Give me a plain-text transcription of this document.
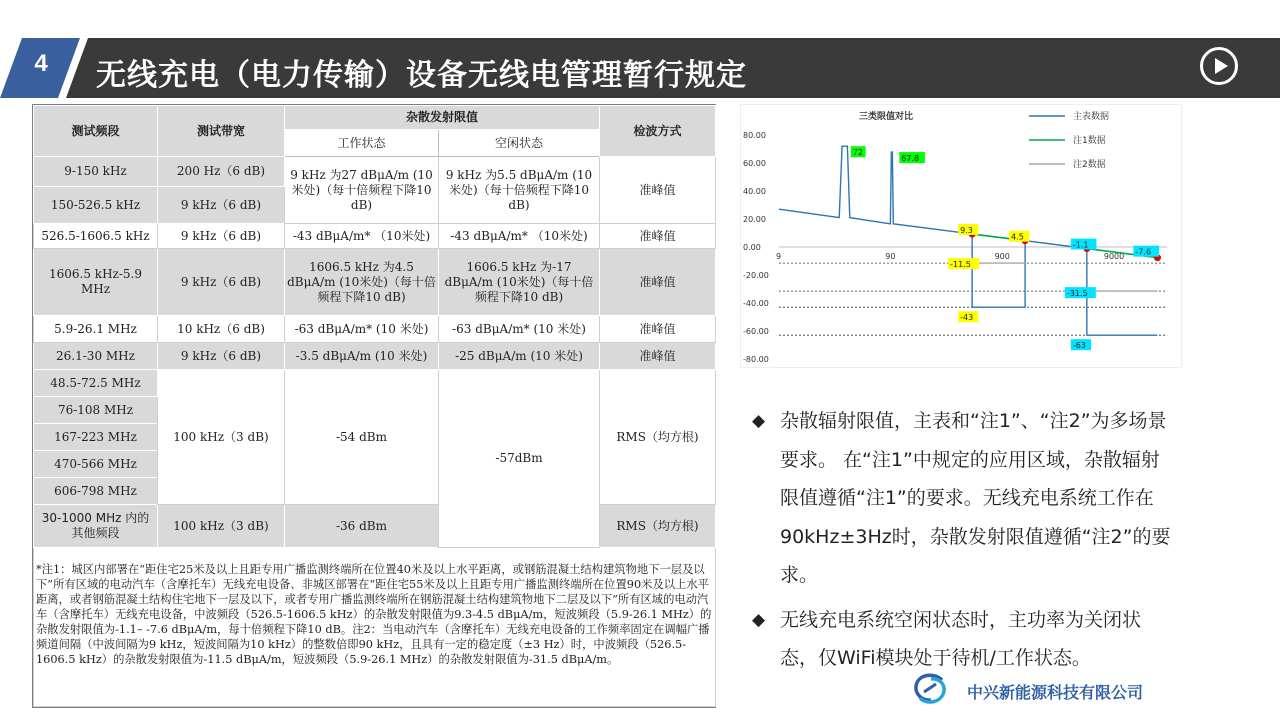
4	无线充电（电力传输）设备无线电管理暂行规定
测试频段	测试带宽	杂散发射限值		检波方式
		工作状态	空闲状态	
9-150 kHz	200 Hz（6 dB)	9 kHz 为27 dBμA/m (10米处)（每十倍频程下降10 dB)	9 kHz 为5.5 dBμA/m (10米处)（每十倍频程下降10 dB)	准峰值
150-526.5 kHz	9 kHz（6 dB)			
526.5-1606.5 kHz	9 kHz（6 dB)	-43 dBμA/m* （10米处)	-43 dBμA/m* （10米处)	准峰值
1606.5 kHz-5.9 MHz	9 kHz（6 dB)	1606.5 kHz 为4.5 dBμA/m (10米处)（每十倍频程下降10 dB)	1606.5 kHz 为-17 dBμA/m (10米处)（每十倍频程下降10 dB)	准峰值
5.9-26.1 MHz	10 kHz（6 dB)	-63 dBμA/m* (10 米处)	-63 dBμA/m* (10 米处)	准峰值
26.1-30 MHz	9 kHz（6 dB)	-3.5 dBμA/m (10 米处)	-25 dBμA/m (10 米处)	准峰值
48.5-72.5 MHz	100 kHz（3 dB)	-54 dBm	-57dBm	RMS（均方根)
76-108 MHz				
167-223 MHz				
470-566 MHz				
606-798 MHz				
30-1000 MHz 内的其他频段	100 kHz（3 dB)	-36 dBm		RMS（均方根)
*注1：城区内部署在“距住宅25米及以上且距专用广播监测终端所在位置40米及以上水平距离，或钢筋混凝土结构建筑物地下一层及以下”所有区域的电动汽车（含摩托车）无线充电设备、非城区部署在“距住宅55米及以上且距专用广播监测终端所在位置90米及以上水平距离，或者钢筋混凝土结构住宅地下一层及以下，或者专用广播监测终端所在钢筋混凝土结构建筑物地下二层及以下”所有区域的电动汽车（含摩托车）无线充电设备，中波频段（526.5-1606.5 kHz）的杂散发射限值为9.3-4.5 dBμA/m，短波频段（5.9-26.1 MHz）的杂散发射限值为-1.1– -7.6 dBμA/m，每十倍频程下降10 dB。注2：当电动汽车（含摩托车）无线充电设备的工作频率固定在调幅广播频道间隔（中波间隔为9 kHz，短波间隔为10 kHz）的整数倍即90 kHz，且具有一定的稳定度（±3 Hz）时，中波频段（526.5-1606.5 kHz）的杂散发射限值为-11.5 dBμA/m，短波频段（5.9-26.1 MHz）的杂散发射限值为-31.5 dBμA/m。				
三类限值对比	主表数据
注1数据
注2数据
80.00
60.00
40.00
20.00
0.00
-20.00
-40.00
-60.00
-80.00
9	90	900	9000
72
67.8
9.3
4.5
-11.5
-43
-1.1
-7.6
-31.5
-63
◆ 杂散辐射限值，主表和“注1”、“注2”为多场景要求。 在“注1”中规定的应用区域，杂散辐射限值遵循“注1”的要求。无线充电系统工作在90kHz±3Hz时，杂散发射限值遵循“注2”的要求。
◆ 无线充电系统空闲状态时，主功率为关闭状态，仅WiFi模块处于待机/工作状态。
中兴新能源科技有限公司
